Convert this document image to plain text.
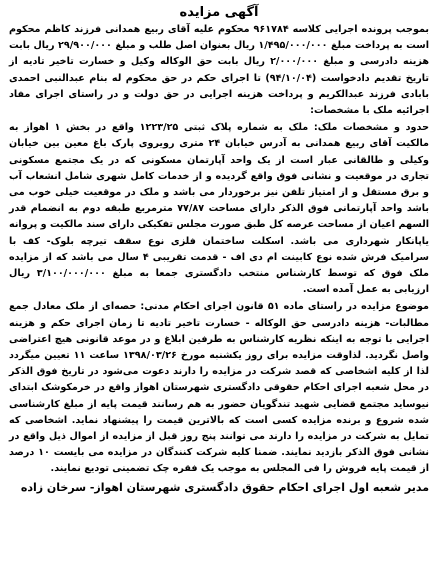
آگهی مزایده

بموجب پرونده اجرایی کلاسه ۹۶۱۷۸۴ محکوم علیه آقای ربیع همدانی فرزند کاظم محکوم است به پرداخت مبلغ ۱/۴۹۵/۰۰۰/۰۰۰ ریال بعنوان اصل طلب و مبلغ ۲۹/۹۰۰/۰۰۰ ریال بابت هزینه دادرسی و مبلغ ۲/۰۰۰/۰۰۰ ریال بابت حق الوکاله وکیل و خسارت تاخیر تادیه از تاریخ تقدیم دادخواست (۹۴/۱۰/۰۴) تا اجرای حکم در حق محکوم له بنام عبدالنبی احمدی بابادی فرزند عبدالکریم و پرداخت هزینه اجرایی در حق دولت و در راستای اجرای مفاد اجرائیه ملک با مشخصات:

حدود و مشخصات ملک: ملک به شماره پلاک ثبتی ۱۲۲۳/۲۵ واقع در بخش ۱ اهواز به مالکیت آقای ربیع همدانی به آدرس خیابان ۲۴ متری رویروی پارک باغ معین بین خیابان وکیلی و طالقانی عبار است از یک واحد آپارتمان مسکونی که در یک مجتمع مسکونی تجاری در موقعیت و نشانی فوق واقع گردیده و از خدمات کامل شهری شامل انشعاب آب و برق مستقل و از امتیاز تلفن نیز برخوردار می باشد و ملک در موقعیت خیلی خوب می باشد واحد آپارتمانی فوق الذکر دارای مساحت ۷۷/۸۷ مترمربع طبقه دوم به انضمام قدر السهم اعیان از مساحت عرصه کل طبق صورت مجلس تفکیکی دارای سند مالکیت و پروانه یاپانکار شهرداری می باشد. اسکلت ساختمان فلزی نوع سقف تیرچه بلوک- کف با سرامیک فرش شده نوع کابینت ام دی اف - قدمت تقریبی ۴ سال می باشد که از مزایده ملک فوق که توسط کارشناس منتخب دادگستری جمعا به مبلغ ۳/۱۰۰/۰۰۰/۰۰۰ ریال ارزیابی به عمل آمده است.

موضوع مزایده در راستای ماده ۵۱ قانون اجرای احکام مدنی: حصه‌ای از ملک معادل جمع مطالبات- هزینه دادرسی حق الوکاله - خسارت تاخیر تادیه تا زمان اجرای حکم و هزینه اجرایی با توجه به اینکه نظریه کارشناس به طرفین ابلاغ و در موعد قانونی هیچ اعتراضی واصل نگردید. لذاوقت مزایده برای روز یکشنبه مورخ ۱۳۹۸/۰۳/۲۶ ساعت ۱۱ تعیین میگردد لذا از کلیه اشخاصی که قصد شرکت در مزایده را دارند دعوت می‌شود در تاریخ فوق الذکر در محل شعبه اجرای احکام حقوقی دادگستری شهرستان اهواز واقع در خرمکوشک ابتدای نیوساید مجتمع قضایی شهید تندگویان حضور به هم رسانند قیمت پایه از مبلغ کارشناسی شده شروع و برنده مزایده کسی است که بالاترین قیمت را پیشنهاد نماید. اشخاصی که تمایل به شرکت در مزایده را دارند می توانند پنج روز قبل از مزایده از اموال ذیل واقع در نشانی فوق الذکر بازدید نمایند. ضمنا کلیه شرکت کنندگان در مزایده می بایست ۱۰ درصد از قیمت پایه فروش را فی المجلس به موجب یک فقره چک تضمینی تودیع نمایند.

مدیر شعبه اول اجرای احکام حقوق دادگستری شهرستان اهواز- سرخان زاده
